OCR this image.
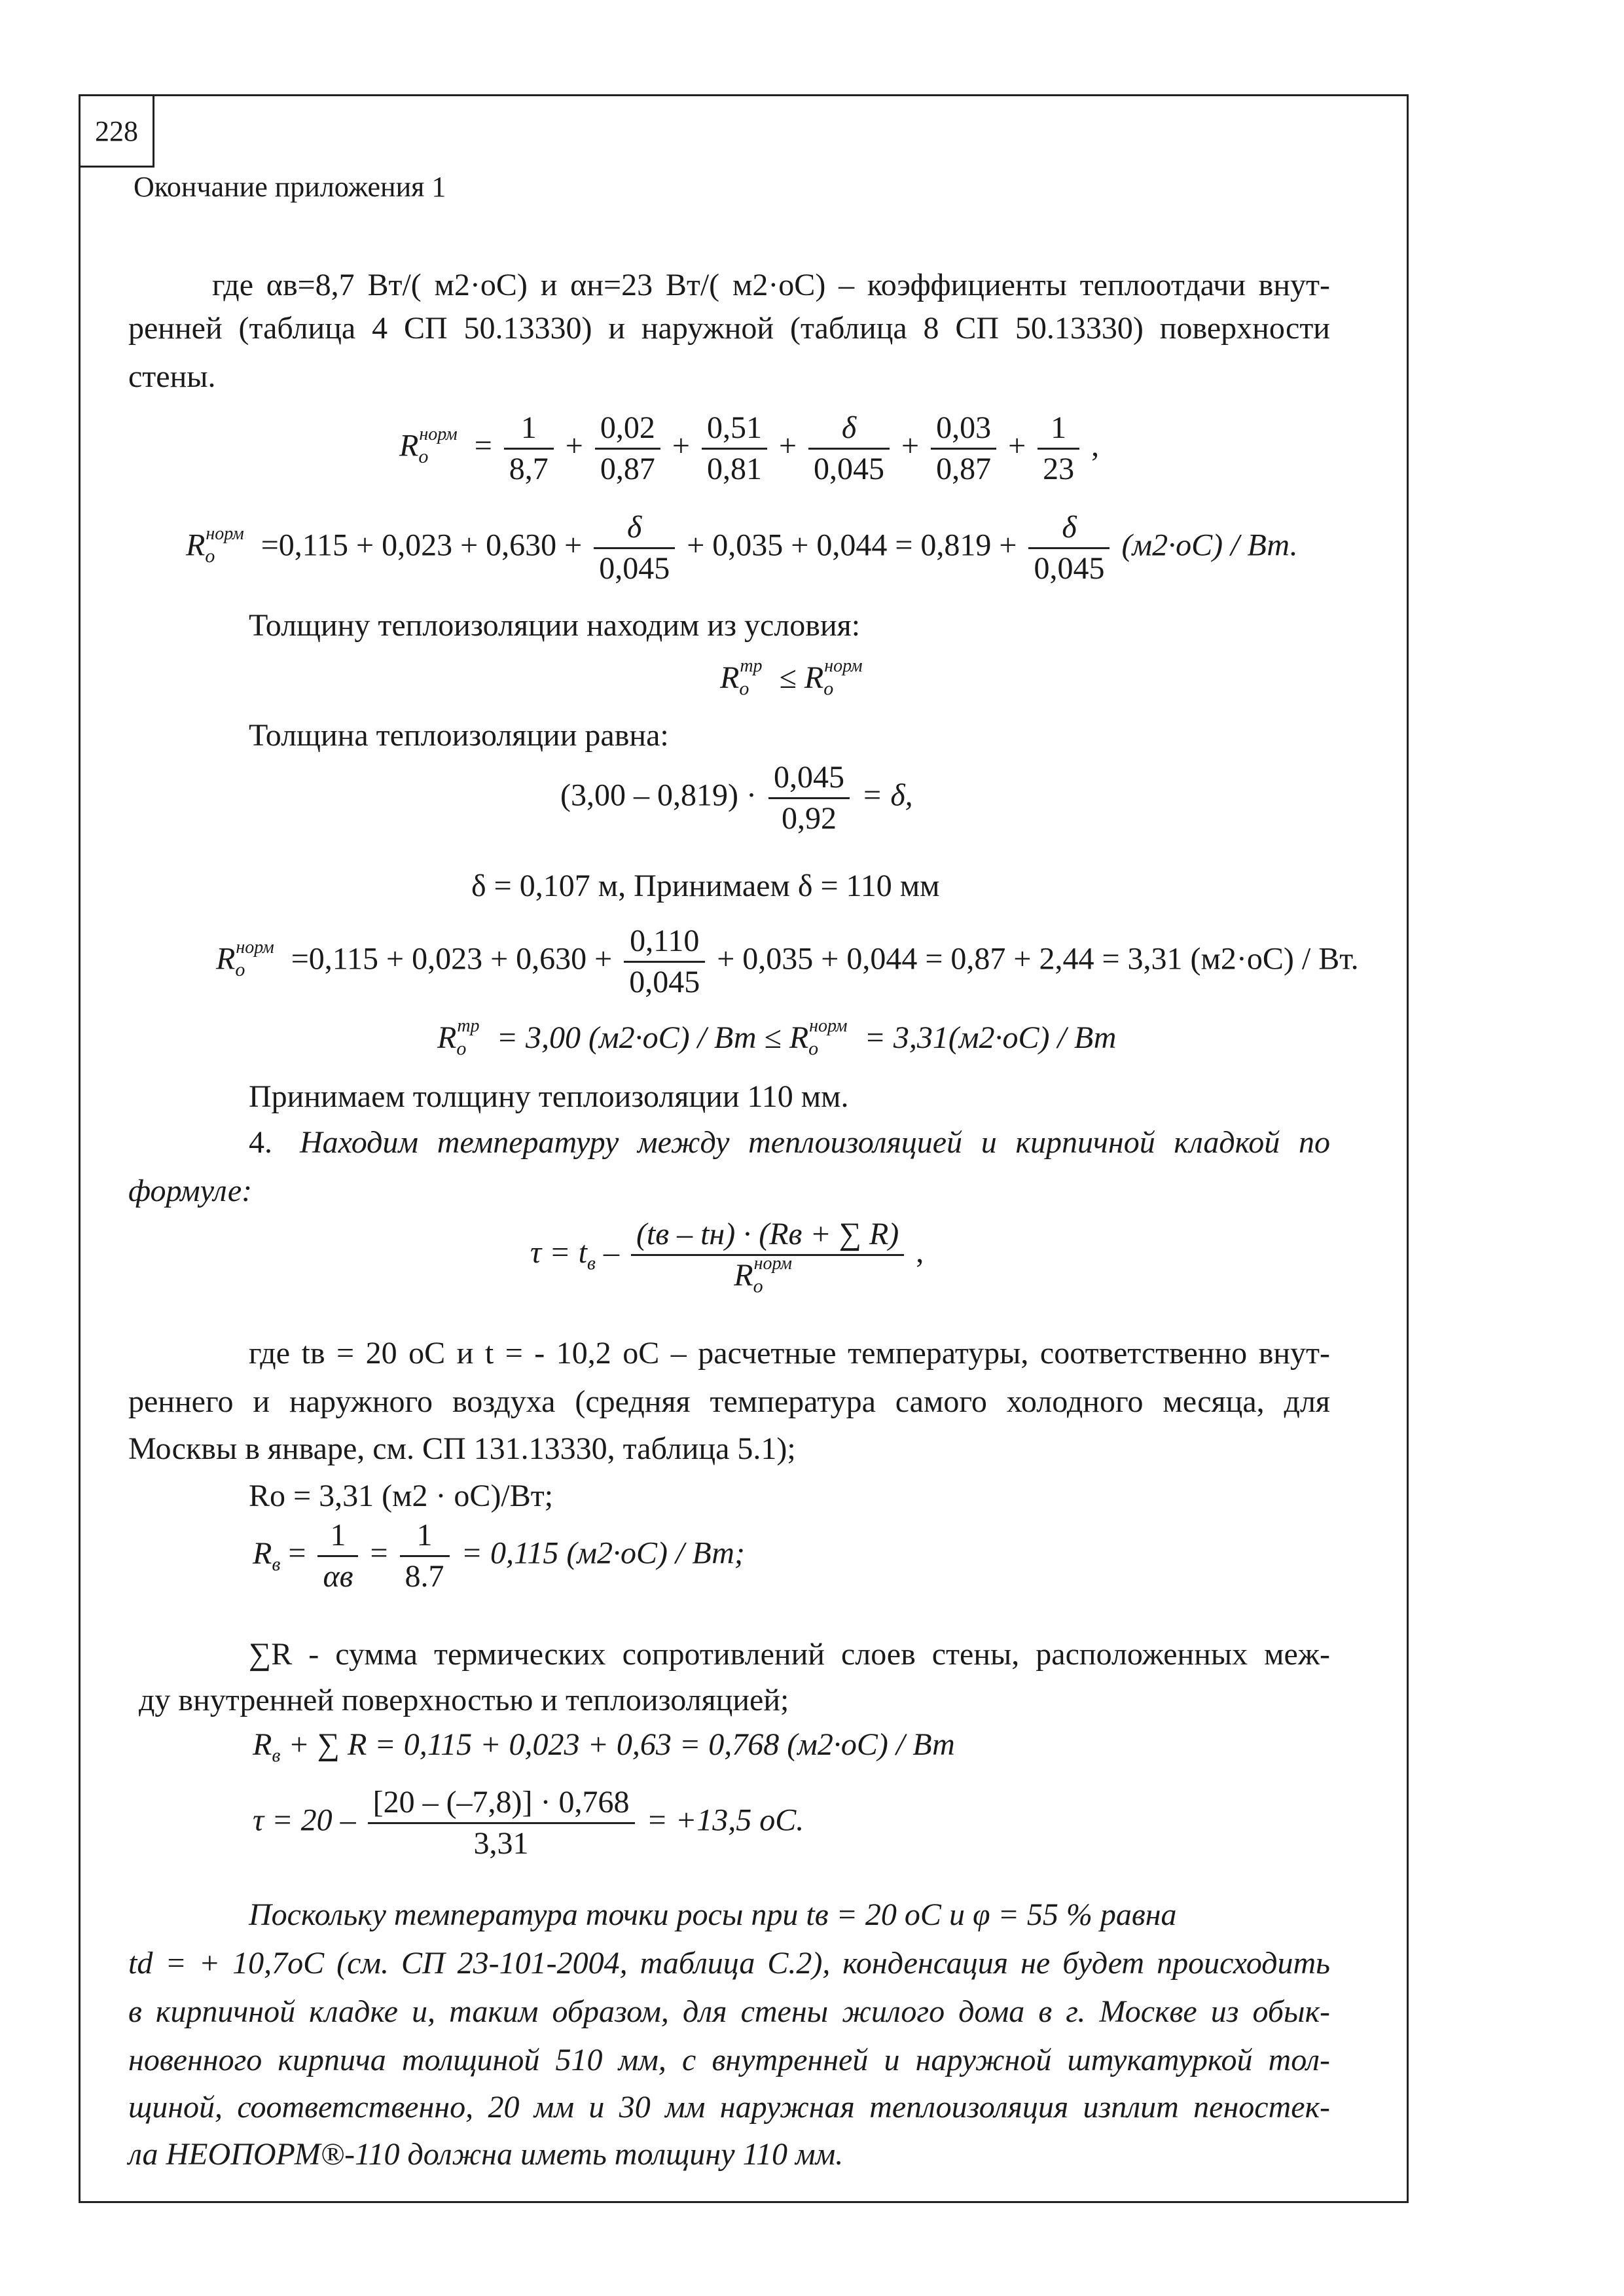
228
Окончание приложения 1
где αв=8,7 Вт/( м2·оС) и αн=23 Вт/( м2·оС) – коэффициенты теплоотдачи внут-
ренней (таблица 4 СП 50.13330) и наружной (таблица 8 СП 50.13330) поверхности
стены.
$R_о^{норм} = \frac{1}{8,7} + \frac{0,02}{0,87} + \frac{0,51}{0,81} + \frac{\delta}{0,045} + \frac{0,03}{0,87} + \frac{1}{23}$ ,
$R_о^{норм} =0,115 + 0,023 + 0,630 + \frac{\delta}{0,045} + 0,035 + 0,044 = 0,819 + \frac{\delta}{0,045} (м2\cdot оС)$ / Вт.
Толщину теплоизоляции находим из условия:
$R_о^{тр} \le R_о^{норм}$
Толщина теплоизоляции равна:
$(3,00 - 0,819) \cdot \frac{0,045}{0,92} = \delta$,
δ = 0,107 м, Принимаем δ = 110 мм
$R_о^{норм} =0,115 + 0,023 + 0,630 + \frac{0,110}{0,045} + 0,035 + 0,044 = 0,87 + 2,44 = 3,31$ (м2·оС) / Вт.
$R_о^{тр} = 3,00$ (м2·оС) / Вт ≤ $R_о^{норм} = 3,31(м2\cdot оС)$ / Вт
Принимаем толщину теплоизоляции 110 мм.
4. Находим температуру между теплоизоляцией и кирпичной кладкой по
формуле:
$\tau = t_в - \frac{(tв - tн) \cdot (Rв + \sum R)}{R_о^{норм}}$ ,
где tв = 20 оС и t = - 10,2 оС – расчетные температуры, соответственно внут-
реннего и наружного воздуха (средняя температура самого холодного месяца, для
Москвы в январе, см. СП 131.13330, таблица 5.1);
Rо = 3,31 (м2 · оС)/Вт;
$R_в = \frac{1}{\alpha в} = \frac{1}{8.7} = 0,115$ (м2·оС) / Вт;
∑R - сумма термических сопротивлений слоев стены, расположенных меж-
ду внутренней поверхностью и теплоизоляцией;
$R_в$ + ∑ R = 0,115 + 0,023 + 0,63 = 0,768 (м2·оС) / Вт
$\tau = 20 - \frac{[20 - (-7,8)] \cdot 0,768}{3,31} = +13,5$ оС.
Поскольку температура точки росы при tв = 20 оС и φ = 55 % равна
td = + 10,7оС (см. СП 23-101-2004, таблица С.2), конденсация не будет происходить
в кирпичной кладке и, таким образом, для стены жилого дома в г. Москве из обык-
новенного кирпича толщиной 510 мм, с внутренней и наружной штукатуркой тол-
щиной, соответственно, 20 мм и 30 мм наружная теплоизоляция изплит пеностек-
ла НЕОПОРМ®-110 должна иметь толщину 110 мм.
